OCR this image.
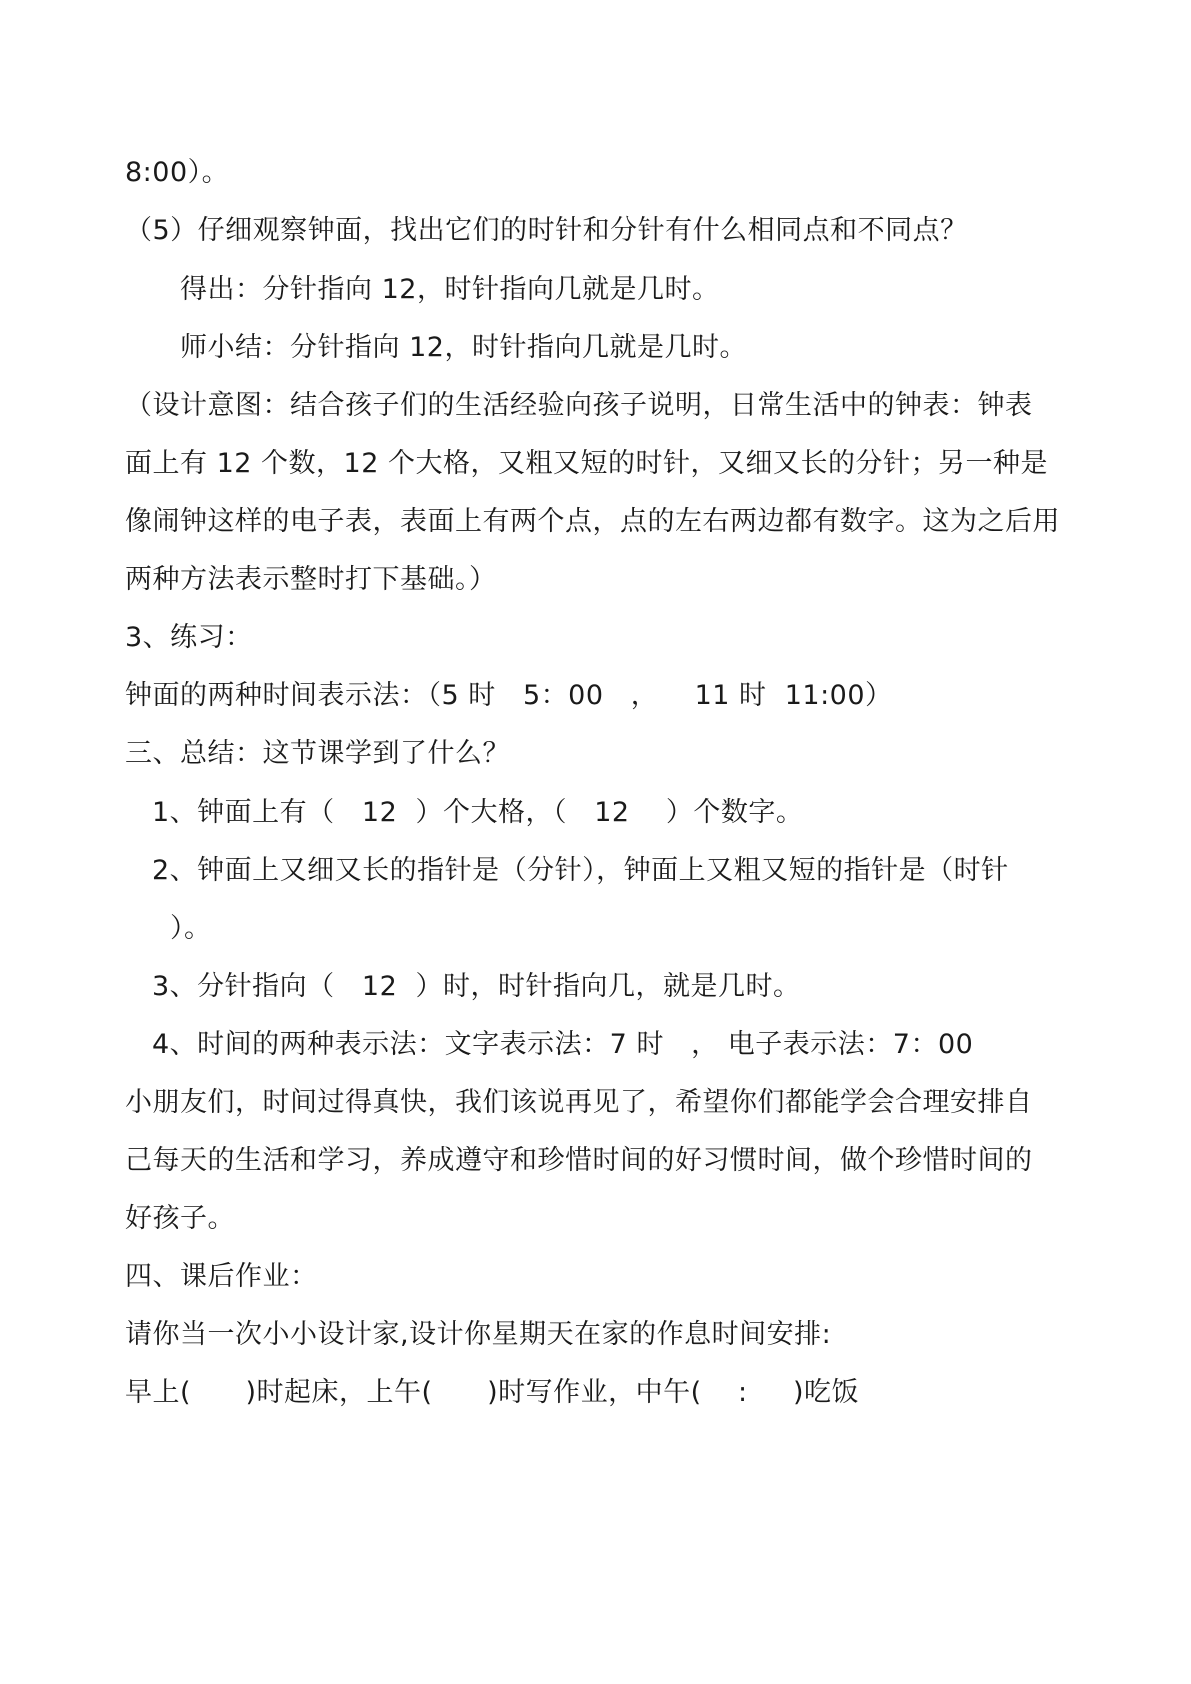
8:00）。
（5）仔细观察钟面，找出它们的时针和分针有什么相同点和不同点？
得出：分针指向 12，时针指向几就是几时。
师小结：分针指向 12，时针指向几就是几时。
（设计意图：结合孩子们的生活经验向孩子说明，日常生活中的钟表：钟表
面上有 12 个数，12 个大格，又粗又短的时针，又细又长的分针；另一种是
像闹钟这样的电子表，表面上有两个点，点的左右两边都有数字。这为之后用
两种方法表示整时打下基础。）
3、练习：
钟面的两种时间表示法：（5 时   5：00   ，    11 时  11:00）
三、总结：这节课学到了什么？
1、钟面上有（   12  ）个大格，（   12    ）个数字。
2、钟面上又细又长的指针是（分针），钟面上又粗又短的指针是（时针
）。
3、分针指向（   12  ）时，时针指向几，就是几时。
4、时间的两种表示法：文字表示法：7 时   ， 电子表示法：7：00
小朋友们，时间过得真快，我们该说再见了，希望你们都能学会合理安排自
己每天的生活和学习，养成遵守和珍惜时间的好习惯时间，做个珍惜时间的
好孩子。
四、课后作业：
请你当一次小小设计家,设计你星期天在家的作息时间安排:
早上(      )时起床，上午(      )时写作业，中午(    :     )吃饭
